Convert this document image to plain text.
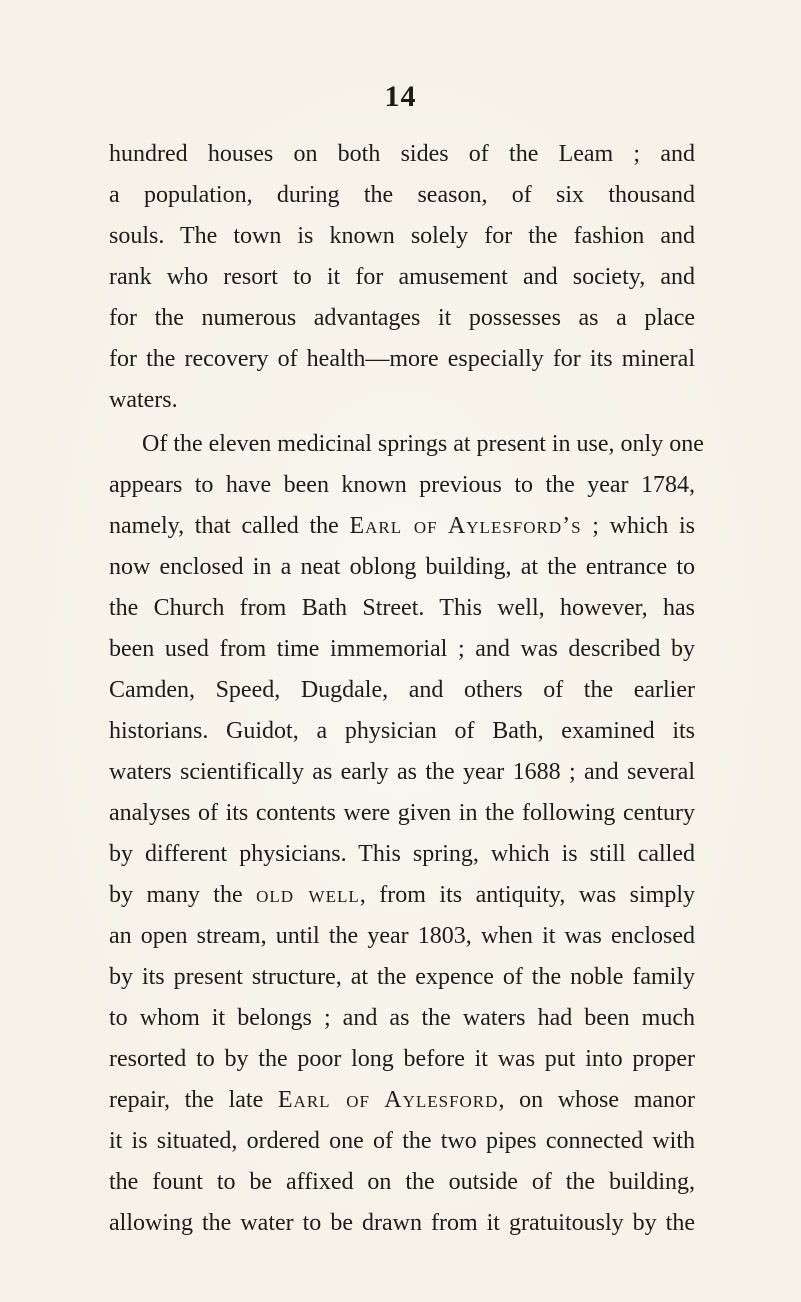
14
hundred houses on both sides of the Leam ; and
a population, during the season, of six thousand
souls. The town is known solely for the fashion and
rank who resort to it for amusement and society, and
for the numerous advantages it possesses as a place
for the recovery of health—more especially for its mineral
waters.
Of the eleven medicinal springs at present in use, only one
appears to have been known previous to the year 1784,
namely, that called the Earl of Aylesford’s ; which is
now enclosed in a neat oblong building, at the entrance to
the Church from Bath Street. This well, however, has
been used from time immemorial ; and was described by
Camden, Speed, Dugdale, and others of the earlier
historians. Guidot, a physician of Bath, examined its
waters scientifically as early as the year 1688 ; and several
analyses of its contents were given in the following century
by different physicians. This spring, which is still called
by many the old well, from its antiquity, was simply
an open stream, until the year 1803, when it was enclosed
by its present structure, at the expence of the noble family
to whom it belongs ; and as the waters had been much
resorted to by the poor long before it was put into proper
repair, the late Earl of Aylesford, on whose manor
it is situated, ordered one of the two pipes connected with
the fount to be affixed on the outside of the building,
allowing the water to be drawn from it gratuitously by the
